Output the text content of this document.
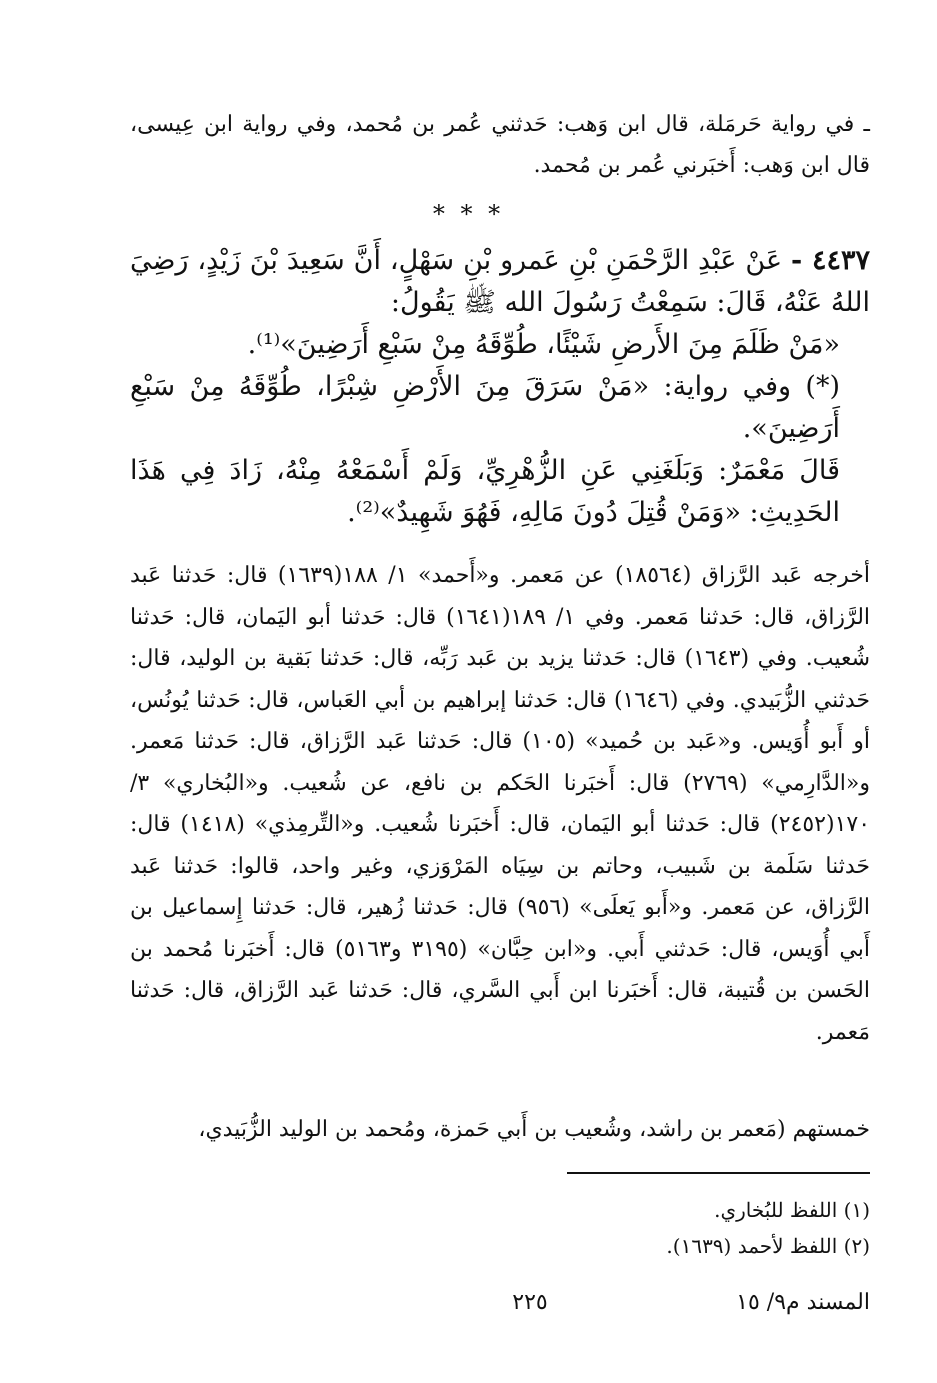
ـ في رواية حَرمَلة، قال ابن وَهب: حَدثني عُمر بن مُحمد، وفي رواية ابن عِيسى، قال ابن وَهب: أَخبَرني عُمر بن مُحمد.
* * *

٤٤٣٧ - عَنْ عَبْدِ الرَّحْمَنِ بْنِ عَمرو بْنِ سَهْلٍ، أَنَّ سَعِيدَ بْنَ زَيْدٍ، رَضِيَ اللهُ عَنْهُ، قَالَ: سَمِعْتُ رَسُولَ الله ﷺ يَقُولُ:

«مَنْ ظَلَمَ مِنَ الأَرضِ شَيْئًا، طُوِّقَهُ مِنْ سَبْعِ أَرَضِينَ»⁽¹⁾.

(*) وفي رواية: «مَنْ سَرَقَ مِنَ الأَرْضِ شِبْرًا، طُوِّقَهُ مِنْ سَبْعِ أَرَضِينَ».

قَالَ مَعْمَرٌ: وَبَلَغَنِي عَنِ الزُّهْرِيِّ، وَلَمْ أَسْمَعْهُ مِنْهُ، زَادَ فِي هَذَا الحَدِيثِ: «وَمَنْ قُتِلَ دُونَ مَالِهِ، فَهُوَ شَهِيدٌ»⁽²⁾.

أخرجه عَبد الرَّزاق (١٨٥٦٤) عن مَعمر. و«أَحمد» ١/ ١٨٨(١٦٣٩) قال: حَدثنا عَبد الرَّزاق، قال: حَدثنا مَعمر. وفي ١/ ١٨٩(١٦٤١) قال: حَدثنا أبو اليَمان، قال: حَدثنا شُعيب. وفي (١٦٤٣) قال: حَدثنا يزيد بن عَبد رَبِّه، قال: حَدثنا بَقية بن الوليد، قال: حَدثني الزُّبَيدي. وفي (١٦٤٦) قال: حَدثنا إبراهيم بن أبي العَباس، قال: حَدثنا يُونُس، أو أَبو أُوَيس. و«عَبد بن حُميد» (١٠٥) قال: حَدثنا عَبد الرَّزاق، قال: حَدثنا مَعمر. و«الدَّارِمي» (٢٧٦٩) قال: أَخبَرنا الحَكم بن نافع، عن شُعيب. و«البُخاري» ٣/ ١٧٠(٢٤٥٢) قال: حَدثنا أبو اليَمان، قال: أَخبَرنا شُعيب. و«التِّرمِذي» (١٤١٨) قال: حَدثنا سَلَمة بن شَبيب، وحاتم بن سِيَاه المَرْوَزي، وغير واحد، قالوا: حَدثنا عَبد الرَّزاق، عن مَعمر. و«أَبو يَعلَى» (٩٥٦) قال: حَدثنا زُهير، قال: حَدثنا إِسماعيل بن أَبي أُوَيس، قال: حَدثني أَبي. و«ابن حِبَّان» (٣١٩٥ و٥١٦٣) قال: أَخبَرنا مُحمد بن الحَسن بن قُتيبة، قال: أَخبَرنا ابن أَبي السَّري، قال: حَدثنا عَبد الرَّزاق، قال: حَدثنا مَعمر.

خمستهم (مَعمر بن راشد، وشُعيب بن أَبي حَمزة، ومُحمد بن الوليد الزُّبَيدي،

(١) اللفظ للبُخاري.

(٢) اللفظ لأحمد (١٦٣٩).

المسند م٩/ ١٥
٢٢٥
